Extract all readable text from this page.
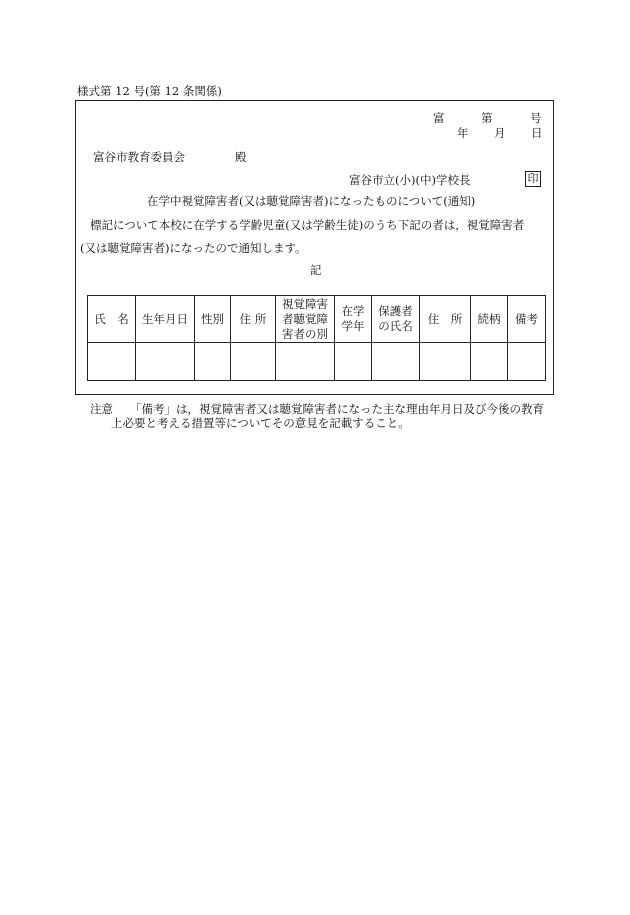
様式第 12 号(第 12 条関係)
富	第	号
年 月 日
富谷市教育委員会	殿
富谷市立(小)(中)学校長	印
在学中視覚障害者(又は聴覚障害者)になったものについて(通知)
標記について本校に在学する学齢児童(又は学齢生徒)のうち下記の者は，視覚障害者
(又は聴覚障害者)になったので通知します。
記
氏　名	生年月日	性別	住 所	視覚障害者聴覚障害者の別	在学学年	保護者の氏名	住　所	続柄	備考

注意 「備考」は，視覚障害者又は聴覚障害者になった主な理由年月日及び今後の教育
上必要と考える措置等についてその意見を記載すること。
